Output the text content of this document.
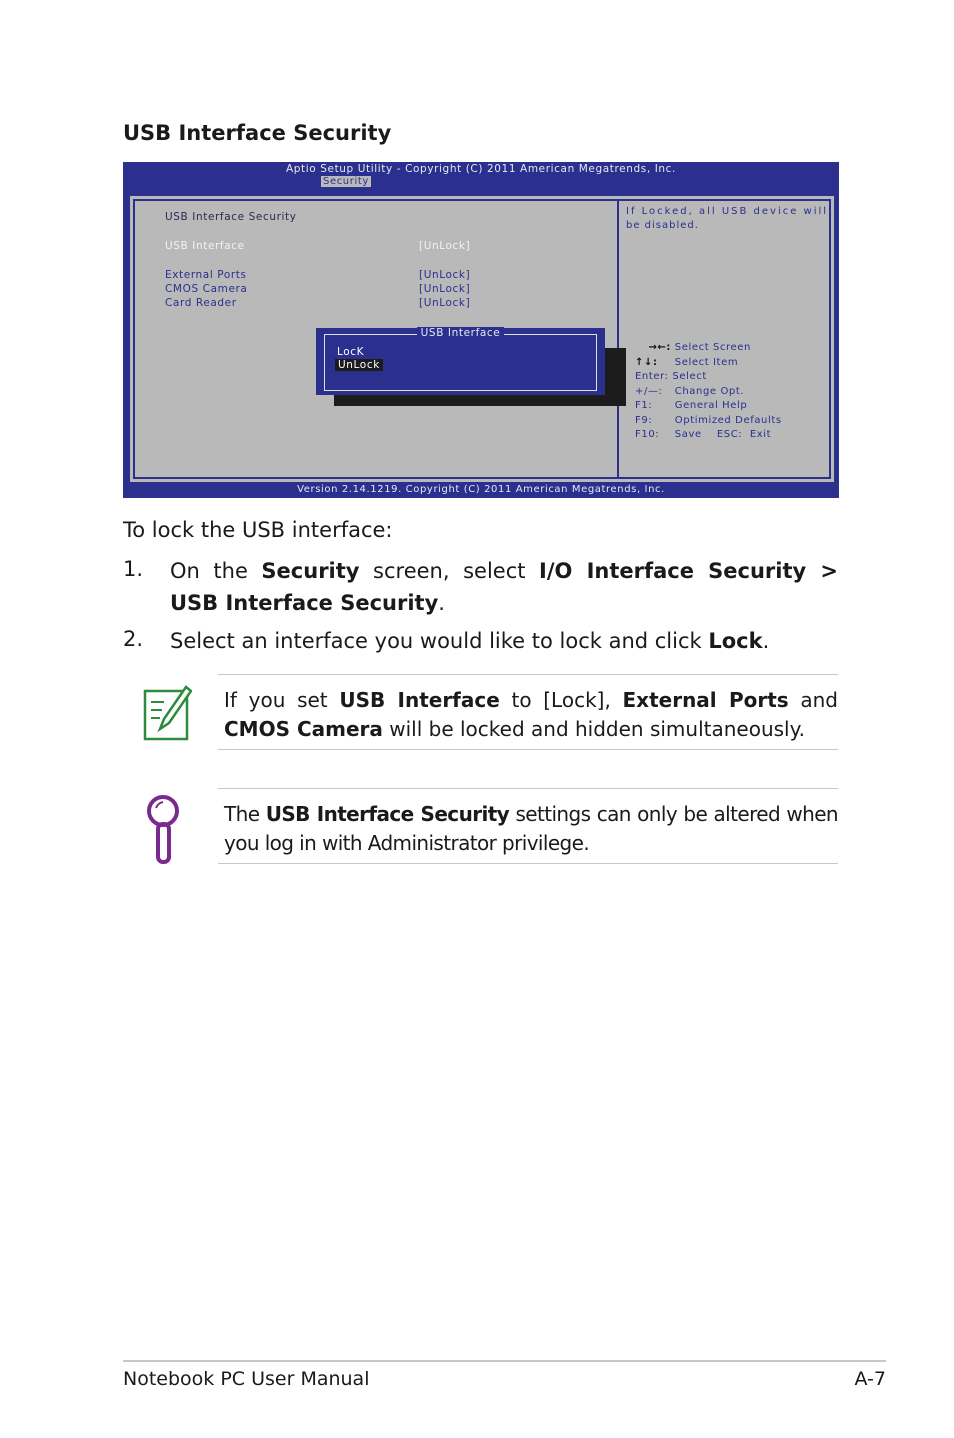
USB Interface Security
Aptio Setup Utility - Copyright (C) 2011 American Megatrends, Inc.
Security
USB Interface Security
USB Interface	[UnLock]
External Ports	[UnLock]
CMOS Camera	[UnLock]
Card Reader	[UnLock]
If Locked, all USB device will
be disabled.
→←: Select Screen
↑↓: Select Item
Enter: Select
+/—: Change Opt.
F1: General Help
F9: Optimized Defaults
F10: Save    ESC:  Exit
USB Interface
LocK
UnLock
Version 2.14.1219. Copyright (C) 2011 American Megatrends, Inc.
To lock the USB interface:
1. On the Security screen, select I/O Interface Security > USB Interface Security.
2. Select an interface you would like to lock and click Lock.
If you set USB Interface to [Lock], External Ports and CMOS Camera will be locked and hidden simultaneously.
The USB Interface Security settings can only be altered when you log in with Administrator privilege.
Notebook PC User Manual	A-7
